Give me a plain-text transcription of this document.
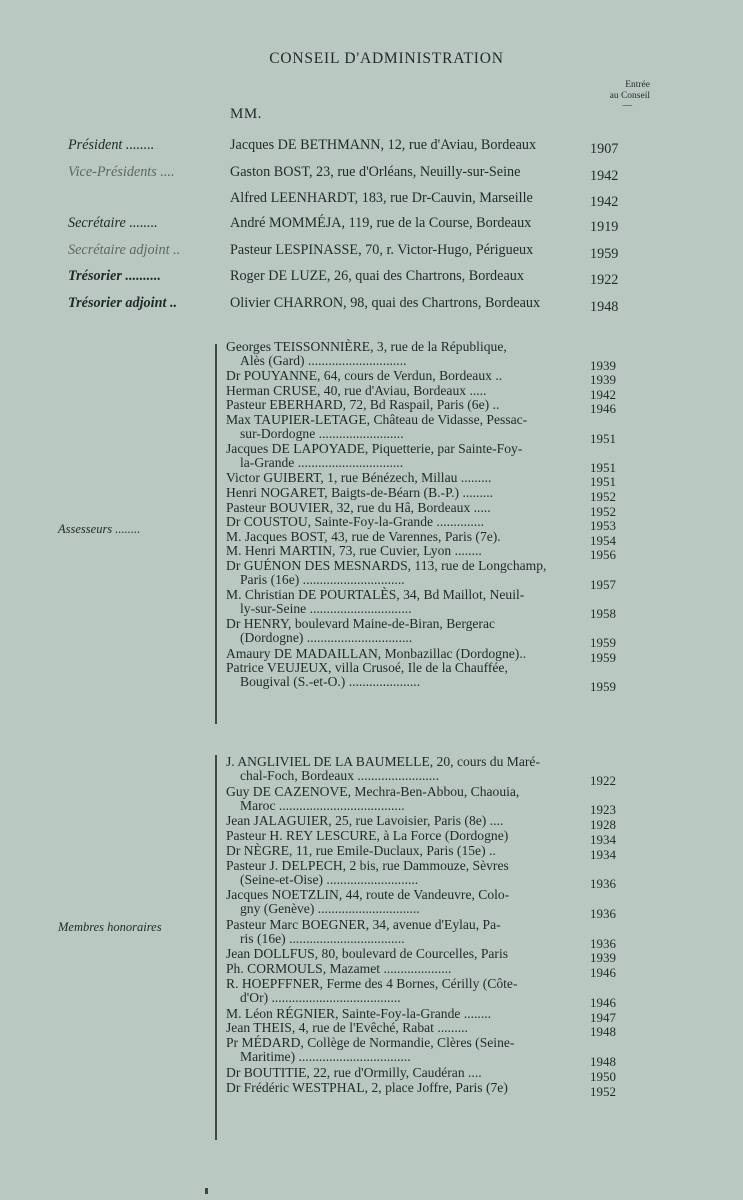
CONSEIL D'ADMINISTRATION
Entrée
au Conseil
—
MM.
Président ........	Jacques DE BETHMANN, 12, rue d'Aviau, Bordeaux	1907
Vice-Présidents ....	Gaston BOST, 23, rue d'Orléans, Neuilly-sur-Seine	1942
Alfred LEENHARDT, 183, rue Dr-Cauvin, Marseille	1942
Secrétaire ........	André MOMMÉJA, 119, rue de la Course, Bordeaux	1919
Secrétaire adjoint ..	Pasteur LESPINASSE, 70, r. Victor-Hugo, Périgueux	1959
Trésorier ..........	Roger DE LUZE, 26, quai des Chartrons, Bordeaux	1922
Trésorier adjoint ..	Olivier CHARRON, 98, quai des Chartrons, Bordeaux	1948
Assesseurs ........
Georges TEISSONNIÈRE, 3, rue de la République,
Alès (Gard) .............................	1939
Dr POUYANNE, 64, cours de Verdun, Bordeaux ..	1939
Herman CRUSE, 40, rue d'Aviau, Bordeaux .....	1942
Pasteur EBERHARD, 72, Bd Raspail, Paris (6e) ..	1946
Max TAUPIER-LETAGE, Château de Vidasse, Pessac-
sur-Dordogne .........................	1951
Jacques DE LAPOYADE, Piquetterie, par Sainte-Foy-
la-Grande ...............................	1951
Victor GUIBERT, 1, rue Bénézech, Millau .........	1951
Henri NOGARET, Baigts-de-Béarn (B.-P.) .........	1952
Pasteur BOUVIER, 32, rue du Hâ, Bordeaux .....	1952
Dr COUSTOU, Sainte-Foy-la-Grande ..............	1953
M. Jacques BOST, 43, rue de Varennes, Paris (7e).	1954
M. Henri MARTIN, 73, rue Cuvier, Lyon ........	1956
Dr GUÉNON DES MESNARDS, 113, rue de Longchamp,
Paris (16e) ..............................	1957
M. Christian DE POURTALÈS, 34, Bd Maillot, Neuil-
ly-sur-Seine ..............................	1958
Dr HENRY, boulevard Maine-de-Biran, Bergerac
(Dordogne) ...............................	1959
Amaury DE MADAILLAN, Monbazillac (Dordogne)..	1959
Patrice VEUJEUX, villa Crusoé, Ile de la Chauffée,
Bougival (S.-et-O.) .....................	1959
Membres honoraires
J. ANGLIVIEL DE LA BAUMELLE, 20, cours du Maré-
chal-Foch, Bordeaux ........................	1922
Guy DE CAZENOVE, Mechra-Ben-Abbou, Chaouia,
Maroc .....................................	1923
Jean JALAGUIER, 25, rue Lavoisier, Paris (8e) ....	1928
Pasteur H. REY LESCURE, à La Force (Dordogne)	1934
Dr NÈGRE, 11, rue Emile-Duclaux, Paris (15e) ..	1934
Pasteur J. DELPECH, 2 bis, rue Dammouze, Sèvres
(Seine-et-Oise) ...........................	1936
Jacques NOETZLIN, 44, route de Vandeuvre, Colo-
gny (Genève) ..............................	1936
Pasteur Marc BOEGNER, 34, avenue d'Eylau, Pa-
ris (16e) ..................................	1936
Jean DOLLFUS, 80, boulevard de Courcelles, Paris	1939
Ph. CORMOULS, Mazamet ....................	1946
R. HOEPFFNER, Ferme des 4 Bornes, Cérilly (Côte-
d'Or) ......................................	1946
M. Léon RÉGNIER, Sainte-Foy-la-Grande ........	1947
Jean THEIS, 4, rue de l'Evêché, Rabat .........	1948
Pr MÉDARD, Collège de Normandie, Clères (Seine-
Maritime) .................................	1948
Dr BOUTITIE, 22, rue d'Ormilly, Caudéran ....	1950
Dr Frédéric WESTPHAL, 2, place Joffre, Paris (7e)	1952
